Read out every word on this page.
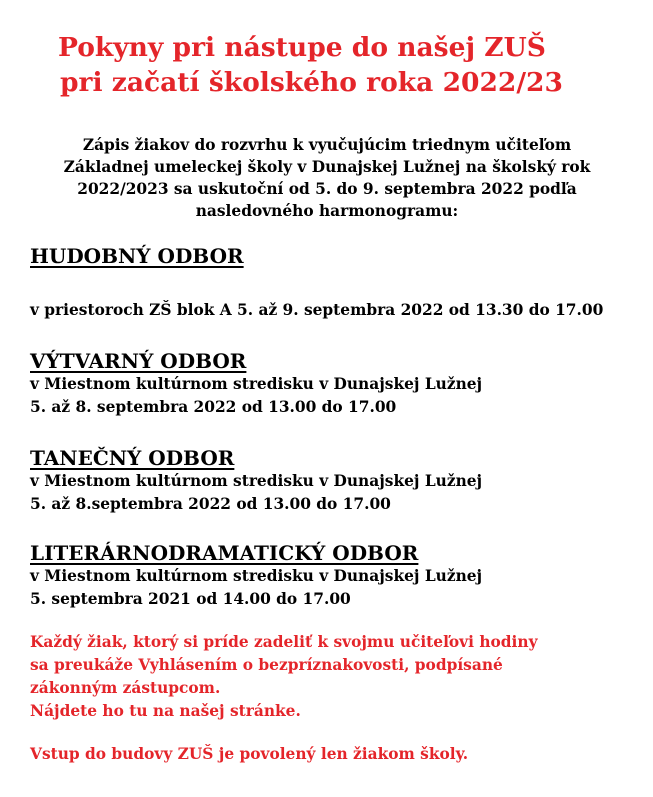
Pokyny pri nástupe do našej ZUŠ
pri začatí školského roka 2022/23
Zápis žiakov do rozvrhu k vyučujúcim triednym učiteľom
Základnej umeleckej školy v Dunajskej Lužnej na školský rok
2022/2023 sa uskutoční od 5. do 9. septembra 2022 podľa
nasledovného harmonogramu:
HUDOBNÝ ODBOR
v priestoroch ZŠ blok A 5. až 9. septembra 2022 od 13.30 do 17.00
VÝTVARNÝ ODBOR
v Miestnom kultúrnom stredisku v Dunajskej Lužnej
5. až 8. septembra 2022 od 13.00 do 17.00
TANEČNÝ ODBOR
v Miestnom kultúrnom stredisku v Dunajskej Lužnej
5. až 8.septembra 2022 od 13.00 do 17.00
LITERÁRNODRAMATICKÝ ODBOR
v Miestnom kultúrnom stredisku v Dunajskej Lužnej
5. septembra 2021 od 14.00 do 17.00
Každý žiak, ktorý si príde zadeliť k svojmu učiteľovi hodiny
sa preukáže Vyhlásením o bezpríznakovosti, podpísané
zákonným zástupcom.
Nájdete ho tu na našej stránke.
Vstup do budovy ZUŠ je povolený len žiakom školy.
